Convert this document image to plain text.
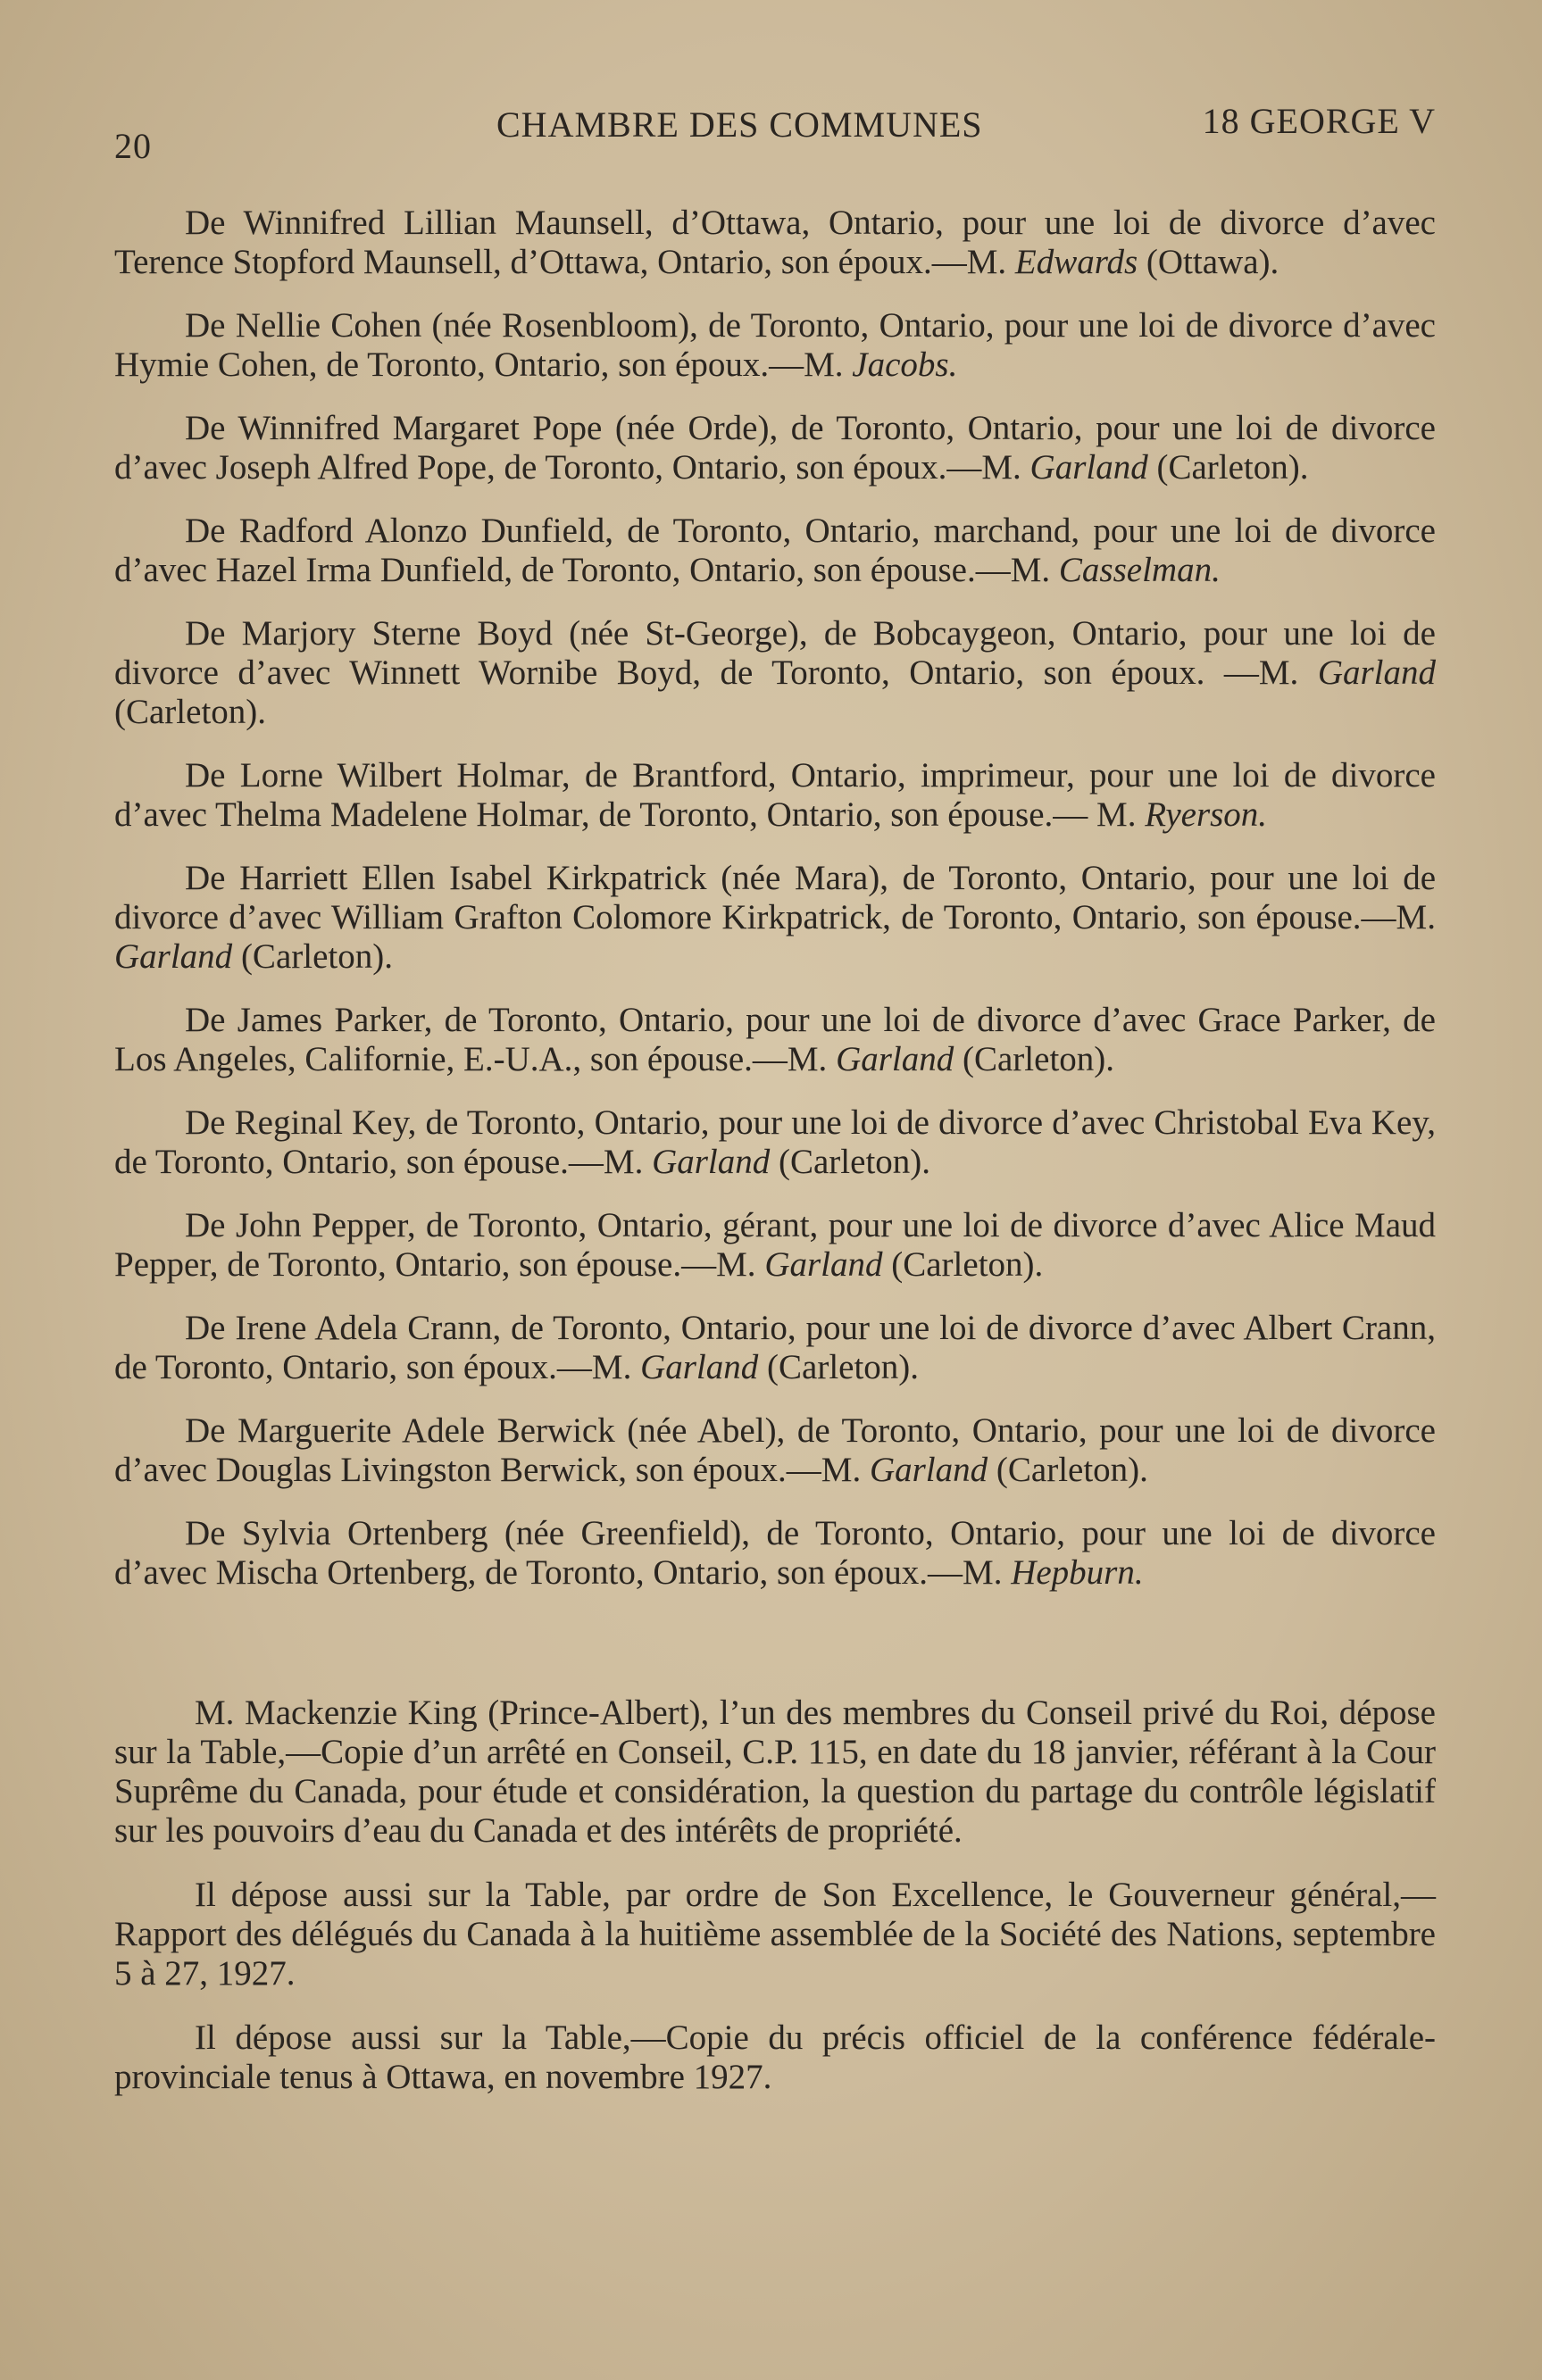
20
CHAMBRE DES COMMUNES	18 GEORGE V

De Winnifred Lillian Maunsell, d’Ottawa, Ontario, pour une loi de divorce d’avec Terence Stopford Maunsell, d’Ottawa, Ontario, son époux.—M. Edwards (Ottawa).

De Nellie Cohen (née Rosenbloom), de Toronto, Ontario, pour une loi de divorce d’avec Hymie Cohen, de Toronto, Ontario, son époux.—M. Jacobs.

De Winnifred Margaret Pope (née Orde), de Toronto, Ontario, pour une loi de divorce d’avec Joseph Alfred Pope, de Toronto, Ontario, son époux.—M. Garland (Carleton).

De Radford Alonzo Dunfield, de Toronto, Ontario, marchand, pour une loi de divorce d’avec Hazel Irma Dunfield, de Toronto, Ontario, son épouse.—M. Casselman.

De Marjory Sterne Boyd (née St-George), de Bobcaygeon, Ontario, pour une loi de divorce d’avec Winnett Wornibe Boyd, de Toronto, Ontario, son époux. —M. Garland (Carleton).

De Lorne Wilbert Holmar, de Brantford, Ontario, imprimeur, pour une loi de divorce d’avec Thelma Madelene Holmar, de Toronto, Ontario, son épouse.— M. Ryerson.

De Harriett Ellen Isabel Kirkpatrick (née Mara), de Toronto, Ontario, pour une loi de divorce d’avec William Grafton Colomore Kirkpatrick, de Toronto, Ontario, son épouse.—M. Garland (Carleton).

De James Parker, de Toronto, Ontario, pour une loi de divorce d’avec Grace Parker, de Los Angeles, Californie, E.-U.A., son épouse.—M. Garland (Carleton).

De Reginal Key, de Toronto, Ontario, pour une loi de divorce d’avec Christobal Eva Key, de Toronto, Ontario, son épouse.—M. Garland (Carleton).

De John Pepper, de Toronto, Ontario, gérant, pour une loi de divorce d’avec Alice Maud Pepper, de Toronto, Ontario, son épouse.—M. Garland (Carleton).

De Irene Adela Crann, de Toronto, Ontario, pour une loi de divorce d’avec Albert Crann, de Toronto, Ontario, son époux.—M. Garland (Carleton).

De Marguerite Adele Berwick (née Abel), de Toronto, Ontario, pour une loi de divorce d’avec Douglas Livingston Berwick, son époux.—M. Garland (Carleton).

De Sylvia Ortenberg (née Greenfield), de Toronto, Ontario, pour une loi de divorce d’avec Mischa Ortenberg, de Toronto, Ontario, son époux.—M. Hepburn.

M. Mackenzie King (Prince-Albert), l’un des membres du Conseil privé du Roi, dépose sur la Table,—Copie d’un arrêté en Conseil, C.P. 115, en date du 18 janvier, référant à la Cour Suprême du Canada, pour étude et considération, la question du partage du contrôle législatif sur les pouvoirs d’eau du Canada et des intérêts de propriété.

Il dépose aussi sur la Table, par ordre de Son Excellence, le Gouverneur général,—Rapport des délégués du Canada à la huitième assemblée de la Société des Nations, septembre 5 à 27, 1927.

Il dépose aussi sur la Table,—Copie du précis officiel de la conférence fédérale-provinciale tenus à Ottawa, en novembre 1927.
